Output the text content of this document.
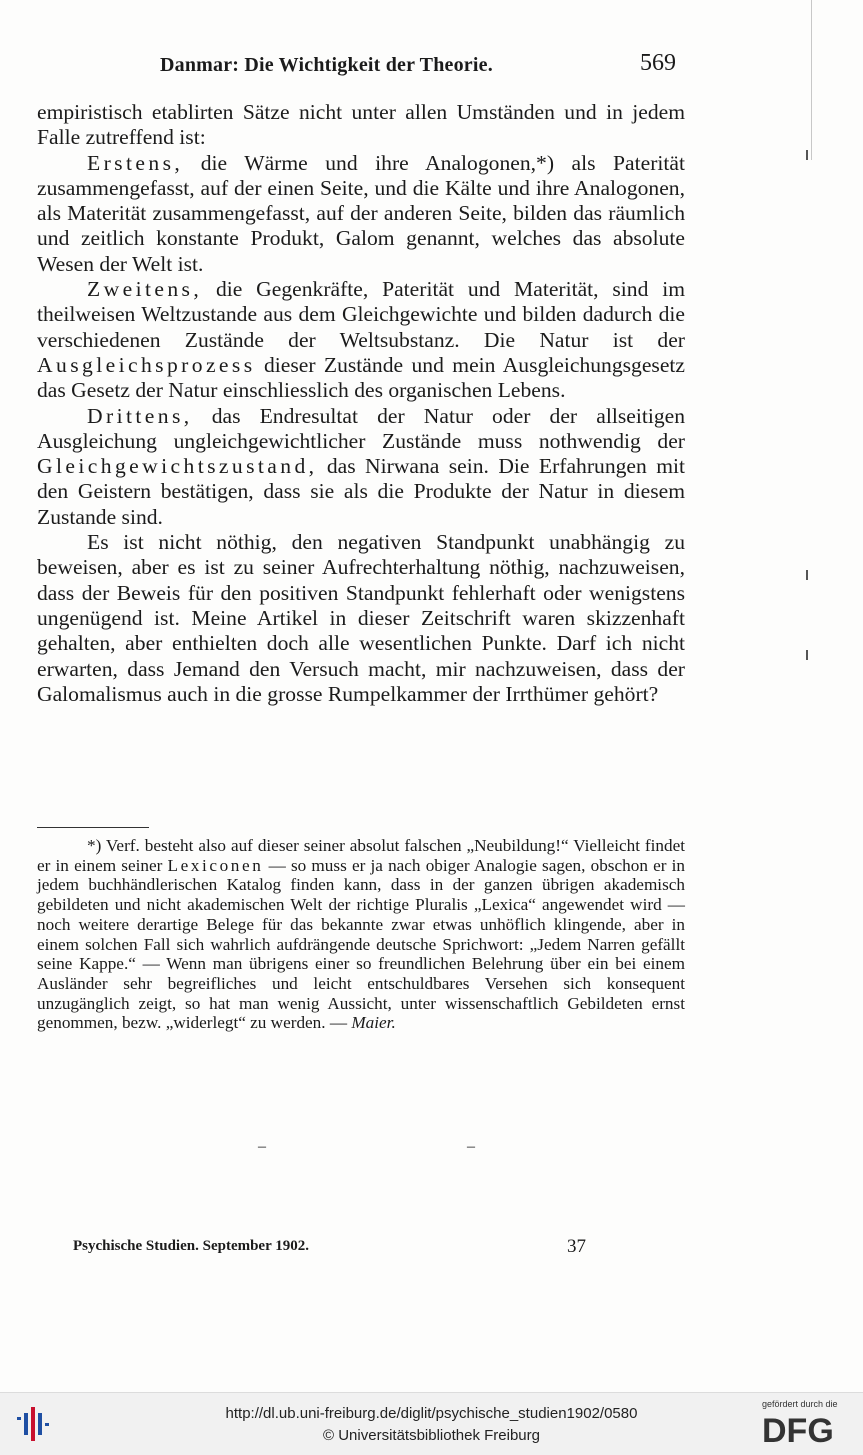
Danmar: Die Wichtigkeit der Theorie.	569

empiristisch etablirten Sätze nicht unter allen Umständen und in jedem Falle zutreffend ist:

Erstens, die Wärme und ihre Analogonen,*) als Paterität zusammengefasst, auf der einen Seite, und die Kälte und ihre Analogonen, als Materität zusammengefasst, auf der anderen Seite, bilden das räumlich und zeitlich konstante Produkt, Galom genannt, welches das absolute Wesen der Welt ist.

Zweitens, die Gegenkräfte, Paterität und Materität, sind im theilweisen Weltzustande aus dem Gleichgewichte und bilden dadurch die verschiedenen Zustände der Weltsubstanz. Die Natur ist der Ausgleichsprozess dieser Zustände und mein Ausgleichungsgesetz das Gesetz der Natur einschliesslich des organischen Lebens.

Drittens, das Endresultat der Natur oder der allseitigen Ausgleichung ungleichgewichtlicher Zustände muss nothwendig der Gleichgewichtszustand, das Nirwana sein. Die Erfahrungen mit den Geistern bestätigen, dass sie als die Produkte der Natur in diesem Zustande sind.

Es ist nicht nöthig, den negativen Standpunkt unabhängig zu beweisen, aber es ist zu seiner Aufrechterhaltung nöthig, nachzuweisen, dass der Beweis für den positiven Standpunkt fehlerhaft oder wenigstens ungenügend ist. Meine Artikel in dieser Zeitschrift waren skizzenhaft gehalten, aber enthielten doch alle wesentlichen Punkte. Darf ich nicht erwarten, dass Jemand den Versuch macht, mir nachzuweisen, dass der Galomalismus auch in die grosse Rumpelkammer der Irrthümer gehört?

*) Verf. besteht also auf dieser seiner absolut falschen „Neubildung!“ Vielleicht findet er in einem seiner Lexiconen — so muss er ja nach obiger Analogie sagen, obschon er in jedem buchhändlerischen Katalog finden kann, dass in der ganzen übrigen akademisch gebildeten und nicht akademischen Welt der richtige Pluralis „Lexica“ angewendet wird — noch weitere derartige Belege für das bekannte zwar etwas unhöflich klingende, aber in einem solchen Fall sich wahrlich aufdrängende deutsche Sprichwort: „Jedem Narren gefällt seine Kappe.“ — Wenn man übrigens einer so freundlichen Belehrung über ein bei einem Ausländer sehr begreifliches und leicht entschuldbares Versehen sich konsequent unzugänglich zeigt, so hat man wenig Aussicht, unter wissenschaftlich Gebildeten ernst genommen, bezw. „widerlegt“ zu werden. — Maier.

–	–
Psychische Studien. September 1902.	37
http://dl.ub.uni-freiburg.de/diglit/psychische_studien1902/0580
© Universitätsbibliothek Freiburg
gefördert durch die
DFG
